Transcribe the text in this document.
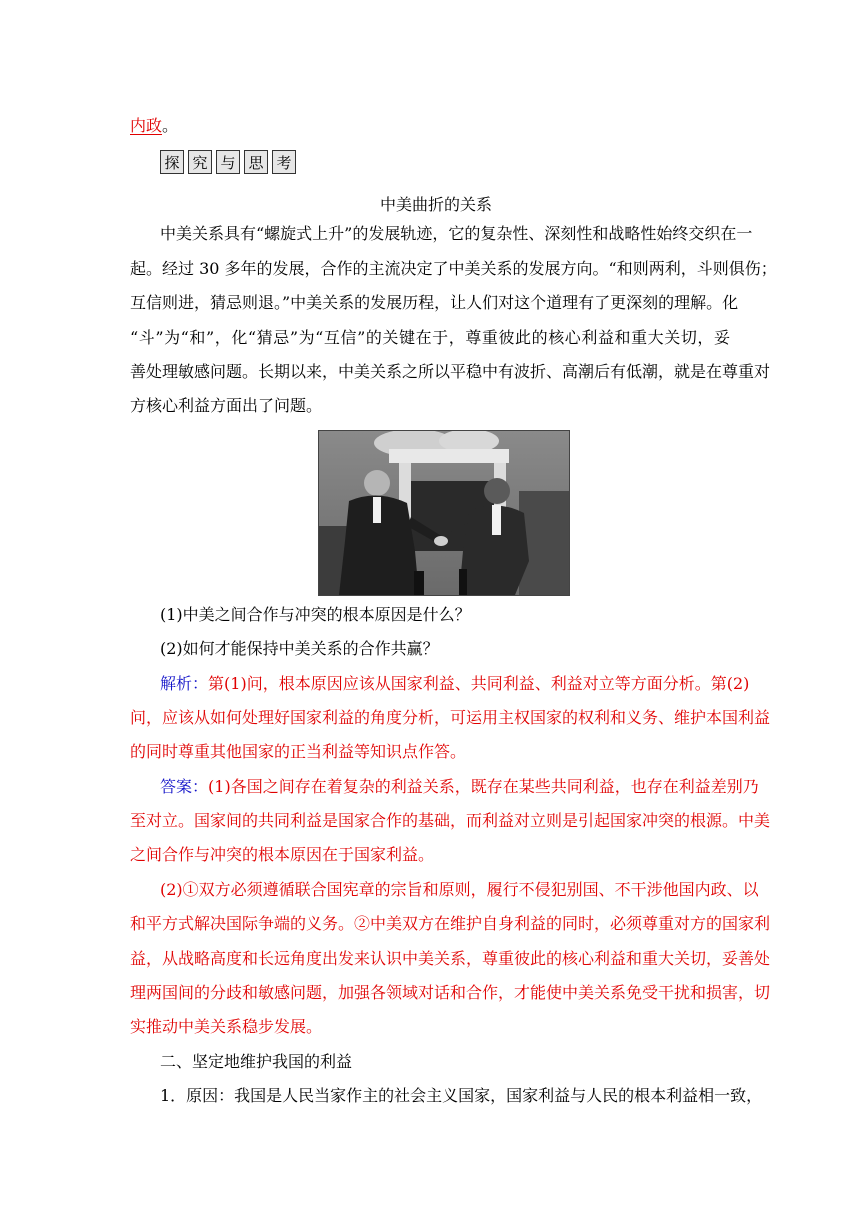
内政。
探 究 与 思 考
中美曲折的关系
中美关系具有“螺旋式上升”的发展轨迹，它的复杂性、深刻性和战略性始终交织在一
起。经过 30 多年的发展，合作的主流决定了中美关系的发展方向。“和则两利，斗则俱伤；
互信则进，猜忌则退。”中美关系的发展历程，让人们对这个道理有了更深刻的理解。化
“斗”为“和”，化“猜忌”为“互信”的关键在于，尊重彼此的核心利益和重大关切，妥
善处理敏感问题。长期以来，中美关系之所以平稳中有波折、高潮后有低潮，就是在尊重对
方核心利益方面出了问题。
(1)中美之间合作与冲突的根本原因是什么？
(2)如何才能保持中美关系的合作共赢？
解析：第(1)问，根本原因应该从国家利益、共同利益、利益对立等方面分析。第(2)
问，应该从如何处理好国家利益的角度分析，可运用主权国家的权利和义务、维护本国利益
的同时尊重其他国家的正当利益等知识点作答。
答案：(1)各国之间存在着复杂的利益关系，既存在某些共同利益，也存在利益差别乃
至对立。国家间的共同利益是国家合作的基础，而利益对立则是引起国家冲突的根源。中美
之间合作与冲突的根本原因在于国家利益。
(2)①双方必须遵循联合国宪章的宗旨和原则，履行不侵犯别国、不干涉他国内政、以
和平方式解决国际争端的义务。②中美双方在维护自身利益的同时，必须尊重对方的国家利
益，从战略高度和长远角度出发来认识中美关系，尊重彼此的核心利益和重大关切，妥善处
理两国间的分歧和敏感问题，加强各领域对话和合作，才能使中美关系免受干扰和损害，切
实推动中美关系稳步发展。
二、坚定地维护我国的利益
1．原因：我国是人民当家作主的社会主义国家，国家利益与人民的根本利益相一致，
